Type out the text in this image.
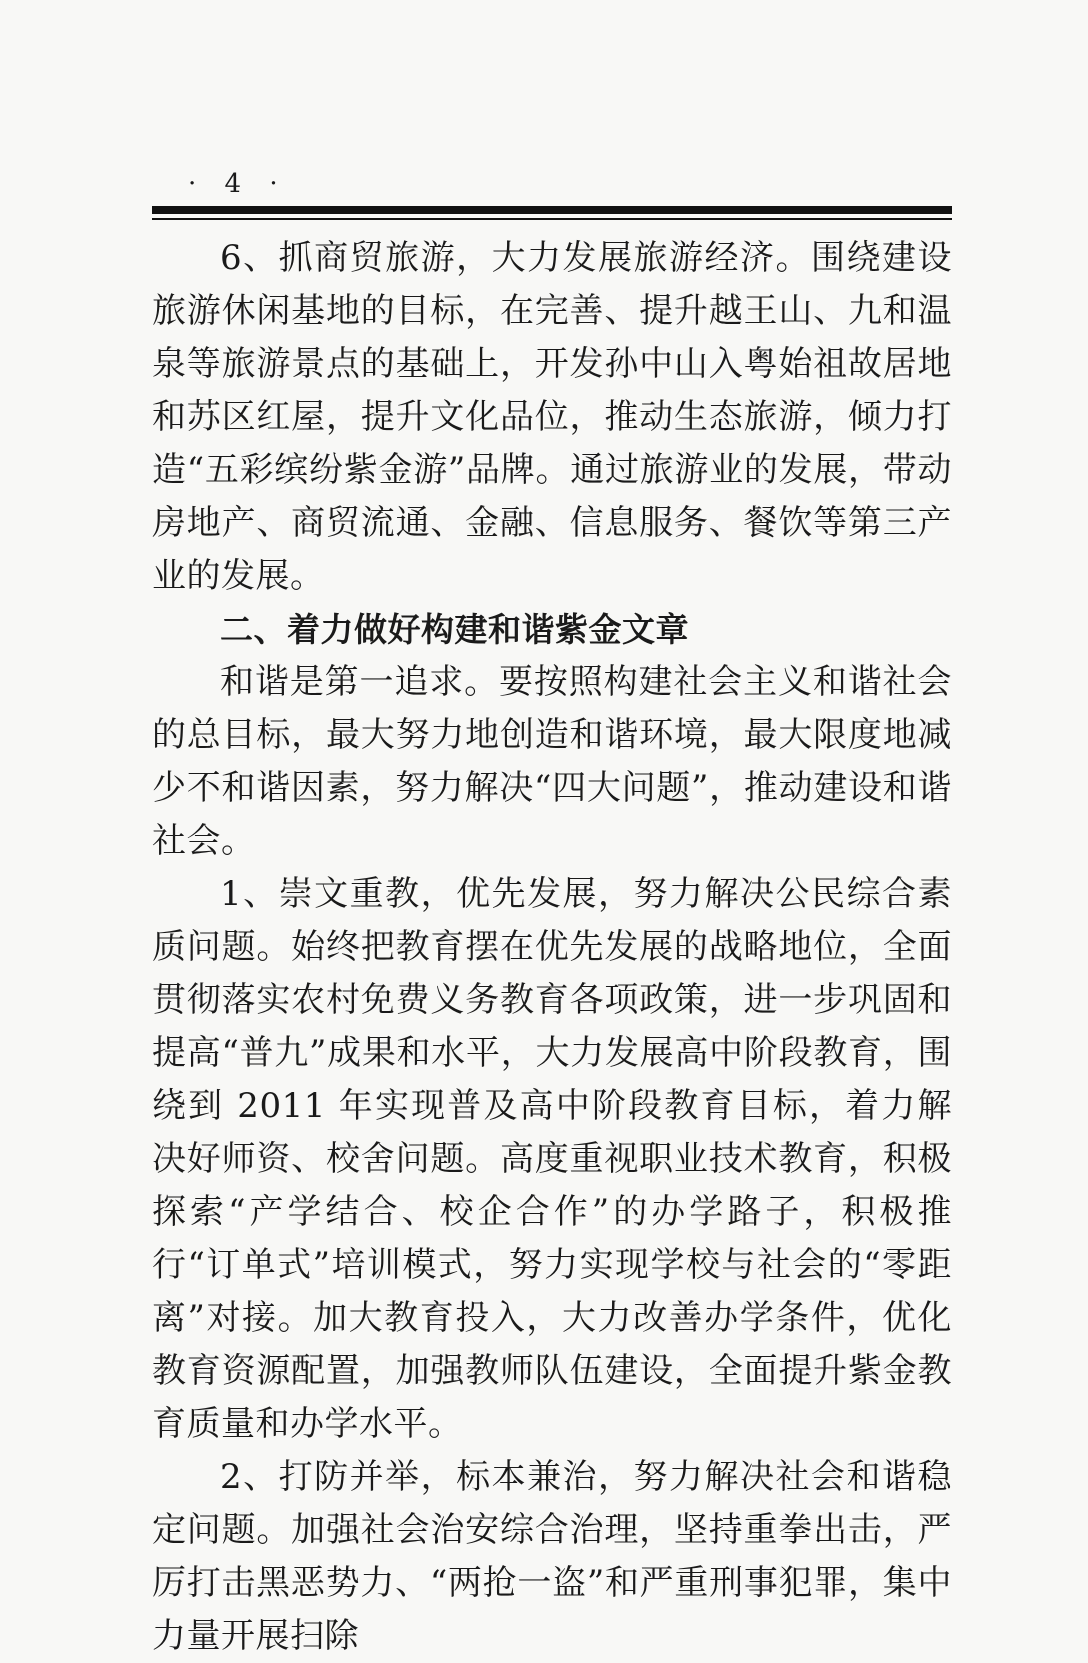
· 4 ·

6、抓商贸旅游，大力发展旅游经济。围绕建设旅游休闲基地的目标，在完善、提升越王山、九和温泉等旅游景点的基础上，开发孙中山入粤始祖故居地和苏区红屋，提升文化品位，推动生态旅游，倾力打造“五彩缤纷紫金游”品牌。通过旅游业的发展，带动房地产、商贸流通、金融、信息服务、餐饮等第三产业的发展。

二、着力做好构建和谐紫金文章

和谐是第一追求。要按照构建社会主义和谐社会的总目标，最大努力地创造和谐环境，最大限度地减少不和谐因素，努力解决“四大问题”，推动建设和谐社会。

1、崇文重教，优先发展，努力解决公民综合素质问题。始终把教育摆在优先发展的战略地位，全面贯彻落实农村免费义务教育各项政策，进一步巩固和提高“普九”成果和水平，大力发展高中阶段教育，围绕到 2011 年实现普及高中阶段教育目标，着力解决好师资、校舍问题。高度重视职业技术教育，积极探索“产学结合、校企合作”的办学路子，积极推行“订单式”培训模式，努力实现学校与社会的“零距离”对接。加大教育投入，大力改善办学条件，优化教育资源配置，加强教师队伍建设，全面提升紫金教育质量和办学水平。

2、打防并举，标本兼治，努力解决社会和谐稳定问题。加强社会治安综合治理，坚持重拳出击，严厉打击黑恶势力、“两抢一盗”和严重刑事犯罪，集中力量开展扫除
